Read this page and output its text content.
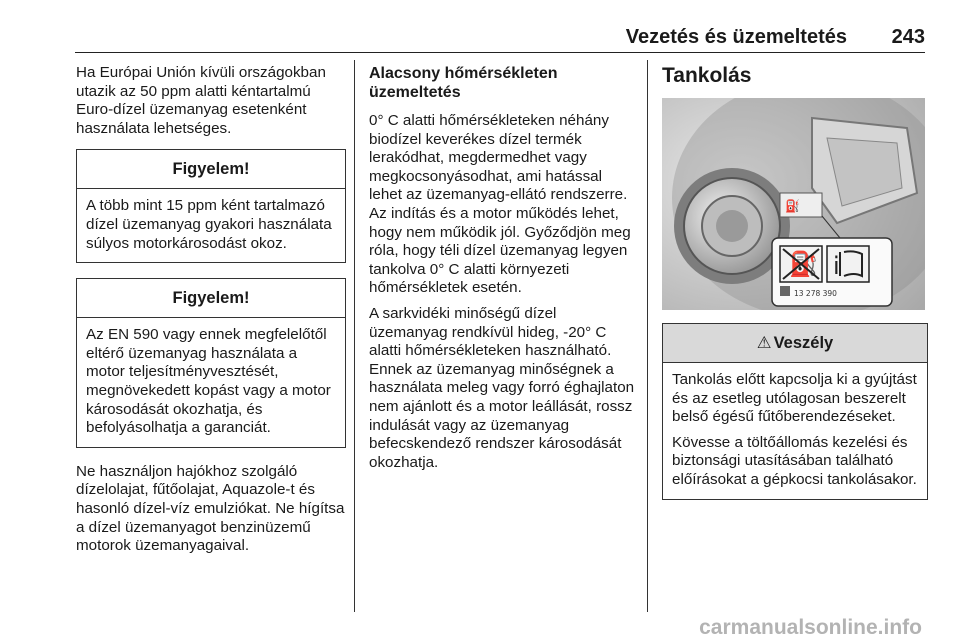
Vezetés és üzemeltetés 243

Ha Európai Unión kívüli országokban utazik az 50 ppm alatti kéntartalmú Euro-dízel üzemanyag esetenként használata lehetséges.

Figyelem!

A több mint 15 ppm ként tartalmazó dízel üzemanyag gyakori használata súlyos motorkárosodást okoz.

Figyelem!

Az EN 590 vagy ennek megfelelőtől eltérő üzemanyag használata a motor teljesítményvesztését, megnövekedett kopást vagy a motor károsodását okozhatja, és befolyásolhatja a garanciát.

Ne használjon hajókhoz szolgáló dízelolajat, fűtőolajat, Aquazole-t és hasonló dízel-víz emulziókat. Ne hígítsa a dízel üzemanyagot benzinüzemű motorok üzemanyagaival.

Alacsony hőmérsékleten üzemeltetés

0° C alatti hőmérsékleteken néhány biodízel keverékes dízel termék lerakódhat, megdermedhet vagy megkocsonyásodhat, ami hatással lehet az üzemanyag-ellátó rendszerre. Az indítás és a motor működés lehet, hogy nem működik jól. Győződjön meg róla, hogy téli dízel üzemanyag legyen tankolva 0° C alatti környezeti hőmérsékletek esetén.

A sarkvidéki minőségű dízel üzemanyag rendkívül hideg, -20° C alatti hőmérsékleteken használható. Ennek az üzemanyag minőségnek a használata meleg vagy forró éghajlaton nem ajánlott és a motor leállását, rossz indulását vagy az üzemanyag befecskendező rendszer károsodását okozhatja.

Tankolás

⛽
⛽ i
13 278 390
⚠ Veszély

Tankolás előtt kapcsolja ki a gyújtást és az esetleg utólagosan beszerelt belső égésű fűtőberendezéseket.

Kövesse a töltőállomás kezelési és biztonsági utasításában található előírásokat a gépkocsi tankolásakor.

carmanualsonline.info
